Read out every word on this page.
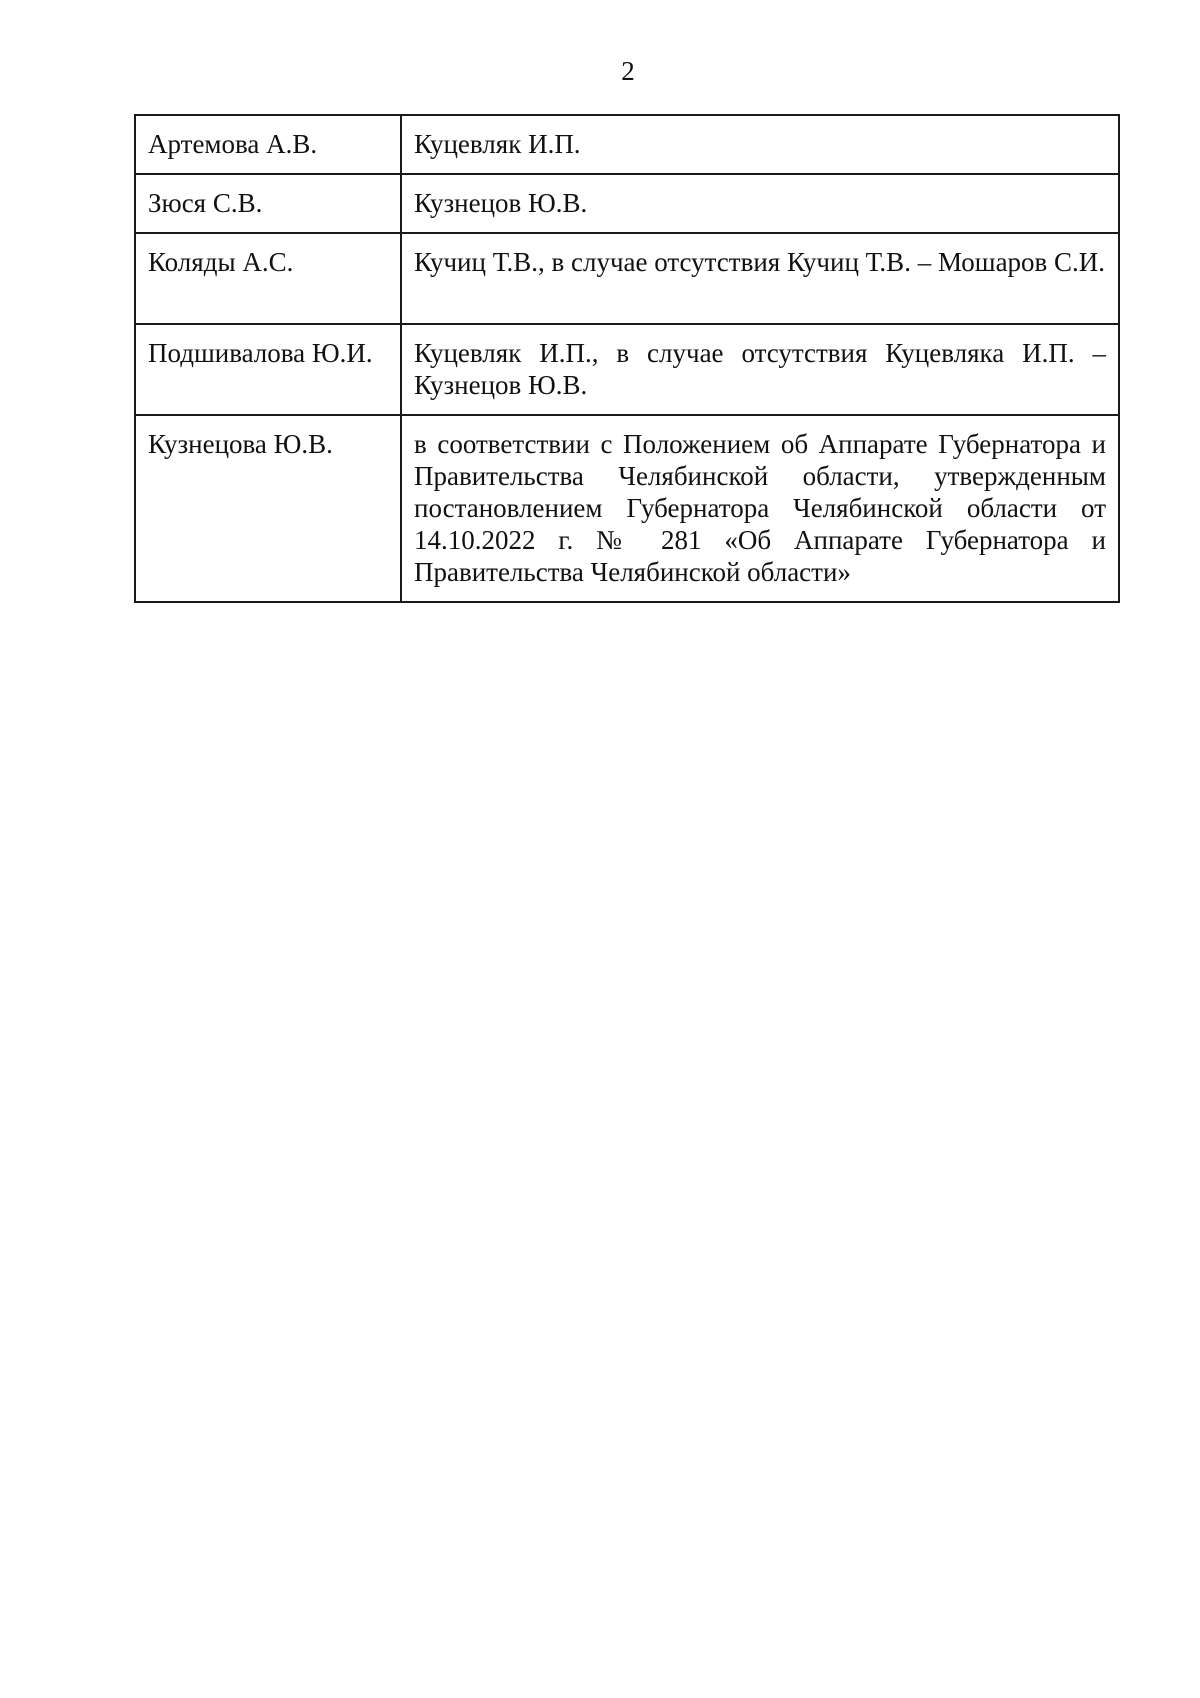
2
Артемова А.В.	Куцевляк И.П.
Зюся С.В.	Кузнецов Ю.В.
Коляды А.С.	Кучиц Т.В., в случае отсутствия Кучиц Т.В. – Мошаров С.И.
Подшивалова Ю.И.	Куцевляк И.П., в случае отсутствия Куцевляка И.П. – Кузнецов Ю.В.
Кузнецова Ю.В.	в соответствии с Положением об Аппарате Губернатора и Правительства Челябинской области, утвержденным постановлением Губернатора Челябинской области от 14.10.2022 г. № 281 «Об Аппарате Губернатора и Правительства Челябинской области»
